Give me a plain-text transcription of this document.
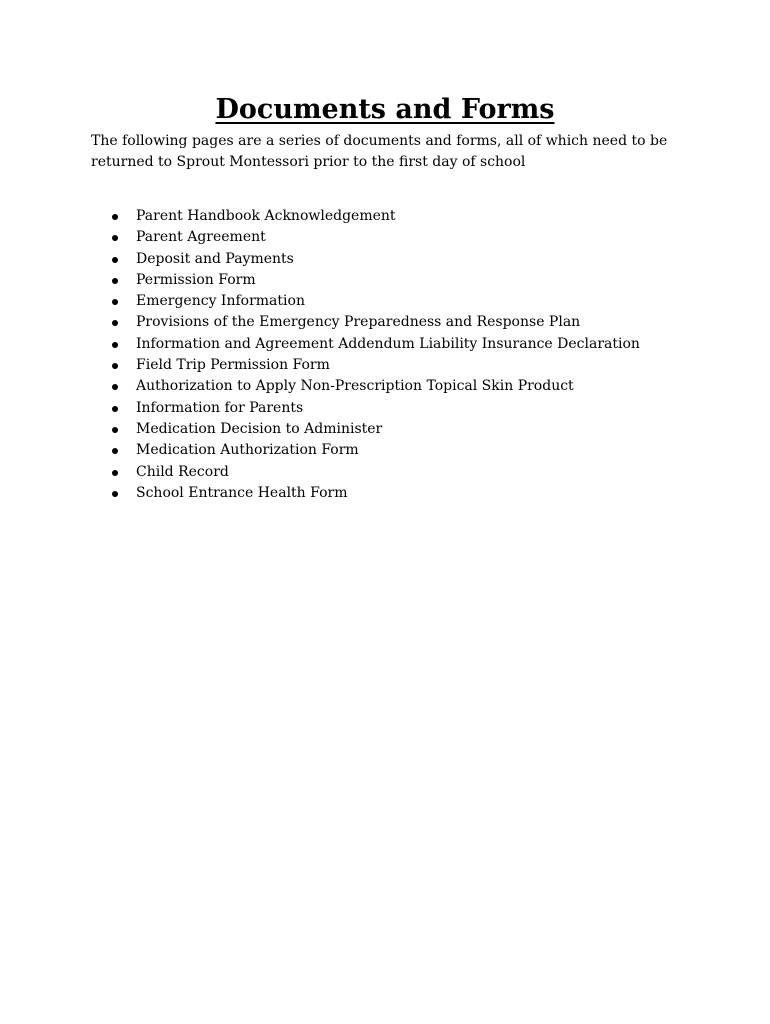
Documents and Forms

The following pages are a series of documents and forms, all of which need to be returned to Sprout Montessori prior to the first day of school

Parent Handbook Acknowledgement
Parent Agreement
Deposit and Payments
Permission Form
Emergency Information
Provisions of the Emergency Preparedness and Response Plan
Information and Agreement Addendum Liability Insurance Declaration
Field Trip Permission Form
Authorization to Apply Non-Prescription Topical Skin Product
Information for Parents
Medication Decision to Administer
Medication Authorization Form
Child Record
School Entrance Health Form
